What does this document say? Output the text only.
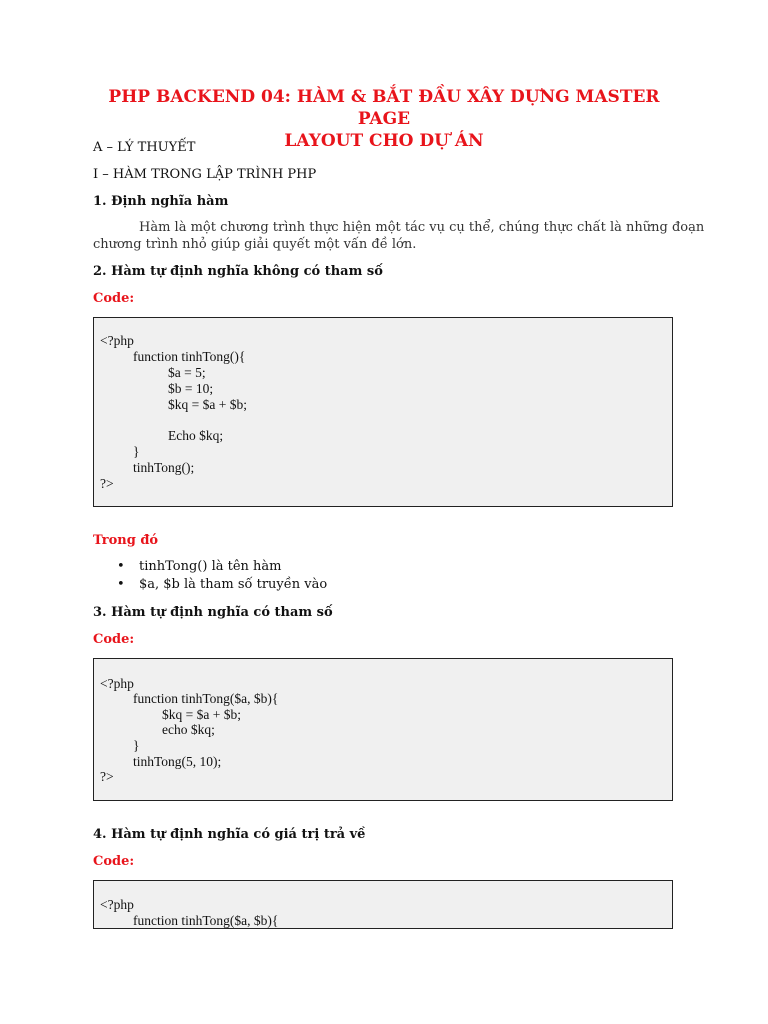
PHP BACKEND 04: HÀM & BẮT ĐẦU XÂY DỰNG MASTER PAGE
LAYOUT CHO DỰ ÁN
A – LÝ THUYẾT
I – HÀM TRONG LẬP TRÌNH PHP
1. Định nghĩa hàm
Hàm là một chương trình thực hiện một tác vụ cụ thể, chúng thực chất là những đoạn
chương trình nhỏ giúp giải quyết một vấn đề lớn.
2. Hàm tự định nghĩa không có tham số
Code:
<?php
function tinhTong(){
$a = 5;
$b = 10;
$kq = $a + $b;
Echo $kq;
}
tinhTong();
?>
Trong đó
• tinhTong() là tên hàm
• $a, $b là tham số truyền vào
3. Hàm tự định nghĩa có tham số
Code:
<?php
function tinhTong($a, $b){
$kq = $a + $b;
echo $kq;
}
tinhTong(5, 10);
?>
4. Hàm tự định nghĩa có giá trị trả về
Code:
<?php
function tinhTong($a, $b){
